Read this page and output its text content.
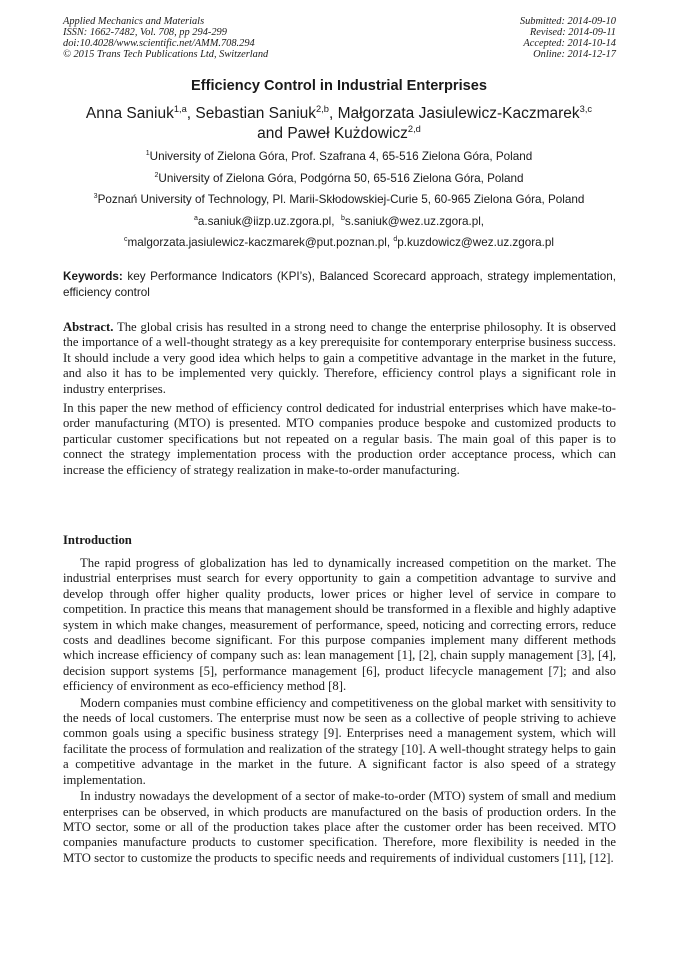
Applied Mechanics and Materials
ISSN: 1662-7482, Vol. 708, pp 294-299
doi:10.4028/www.scientific.net/AMM.708.294
© 2015 Trans Tech Publications Ltd, Switzerland
Submitted: 2014-09-10
Revised: 2014-09-11
Accepted: 2014-10-14
Online: 2014-12-17
Efficiency Control in Industrial Enterprises
Anna Saniuk$^{1,a}$, Sebastian Saniuk$^{2,b}$, Małgorzata Jasiulewicz-Kaczmarek$^{3,c}$
and Paweł Kużdowicz$^{2,d}$
$^1$University of Zielona Góra, Prof. Szafrana 4, 65-516 Zielona Góra, Poland
$^2$University of Zielona Góra, Podgórna 50, 65-516 Zielona Góra, Poland
$^3$Poznań University of Technology, Pl. Marii-Skłodowskiej-Curie 5, 60-965 Zielona Góra, Poland
$^a$a.saniuk@iizp.uz.zgora.pl, $^b$s.saniuk@wez.uz.zgora.pl,
$^c$malgorzata.jasiulewicz-kaczmarek@put.poznan.pl, $^d$p.kuzdowicz@wez.uz.zgora.pl
Keywords: key Performance Indicators (KPI’s), Balanced Scorecard approach, strategy implementation, efficiency control

Abstract. The global crisis has resulted in a strong need to change the enterprise philosophy. It is observed the importance of a well-thought strategy as a key prerequisite for contemporary enterprise business success. It should include a very good idea which helps to gain a competitive advantage in the market in the future, and also it has to be implemented very quickly. Therefore, efficiency control plays a significant role in industry enterprises.

In this paper the new method of efficiency control dedicated for industrial enterprises which have make-to-order manufacturing (MTO) is presented. MTO companies produce bespoke and customized products to particular customer specifications but not repeated on a regular basis. The main goal of this paper is to connect the strategy implementation process with the production order acceptance process, which can increase the efficiency of strategy realization in make-to-order manufacturing.

Introduction

The rapid progress of globalization has led to dynamically increased competition on the market. The industrial enterprises must search for every opportunity to gain a competition advantage to survive and develop through offer higher quality products, lower prices or higher level of service in compare to competition. In practice this means that management should be transformed in a flexible and highly adaptive system in which make changes, measurement of performance, speed, noticing and correcting errors, reduce costs and deadlines become significant. For this purpose companies implement many different methods which increase efficiency of company such as: lean management [1], [2], chain supply management [3], [4], decision support systems [5], performance management [6], product lifecycle management [7]; and also efficiency of environment as eco-efficiency method [8].

Modern companies must combine efficiency and competitiveness on the global market with sensitivity to the needs of local customers. The enterprise must now be seen as a collective of people striving to achieve common goals using a specific business strategy [9]. Enterprises need a management system, which will facilitate the process of formulation and realization of the strategy [10]. A well-thought strategy helps to gain a competitive advantage in the market in the future. A significant factor is also speed of a strategy implementation.

In industry nowadays the development of a sector of make-to-order (MTO) system of small and medium enterprises can be observed, in which products are manufactured on the basis of production orders. In the MTO sector, some or all of the production takes place after the customer order has been received. MTO companies manufacture products to customer specification. Therefore, more flexibility is needed in the MTO sector to customize the products to specific needs and requirements of individual customers [11], [12].
